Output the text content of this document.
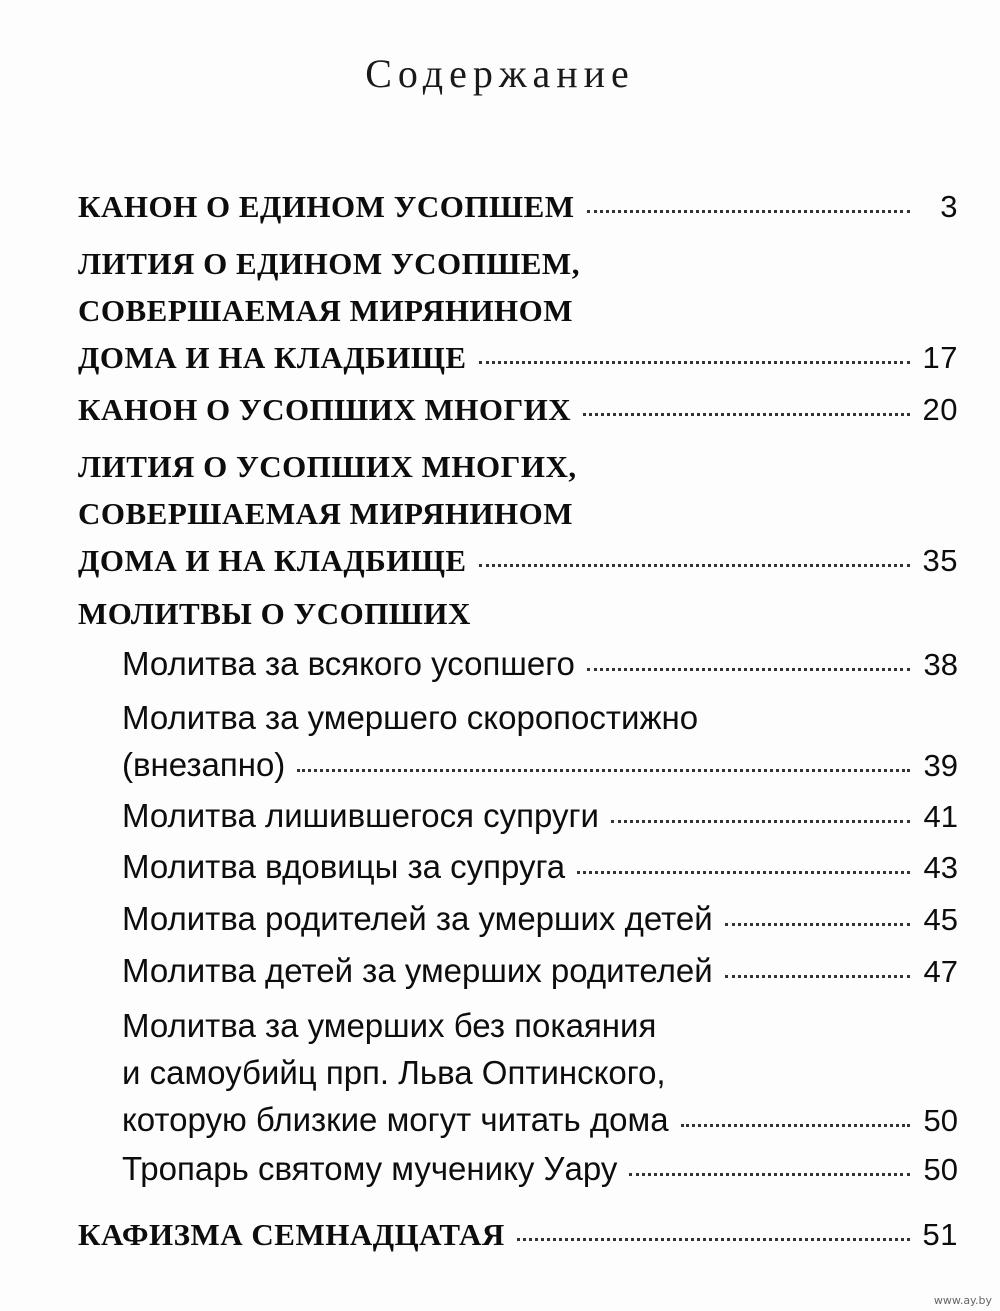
Содержание
КАНОН О ЕДИНОМ УСОПШЕМ	3
ЛИТИЯ О ЕДИНОМ УСОПШЕМ,
СОВЕРШАЕМАЯ МИРЯНИНОМ
ДОМА И НА КЛАДБИЩЕ	17
КАНОН О УСОПШИХ МНОГИХ	20
ЛИТИЯ О УСОПШИХ МНОГИХ,
СОВЕРШАЕМАЯ МИРЯНИНОМ
ДОМА И НА КЛАДБИЩЕ	35
МОЛИТВЫ О УСОПШИХ
Молитва за всякого усопшего	38
Молитва за умершего скоропостижно
(внезапно)	39
Молитва лишившегося супруги	41
Молитва вдовицы за супруга	43
Молитва родителей за умерших детей	45
Молитва детей за умерших родителей	47
Молитва за умерших без покаяния
и самоубийц прп. Льва Оптинского,
которую близкие могут читать дома	50
Тропарь святому мученику Уару	50
КАФИЗМА СЕМНАДЦАТАЯ	51
www.ay.by
